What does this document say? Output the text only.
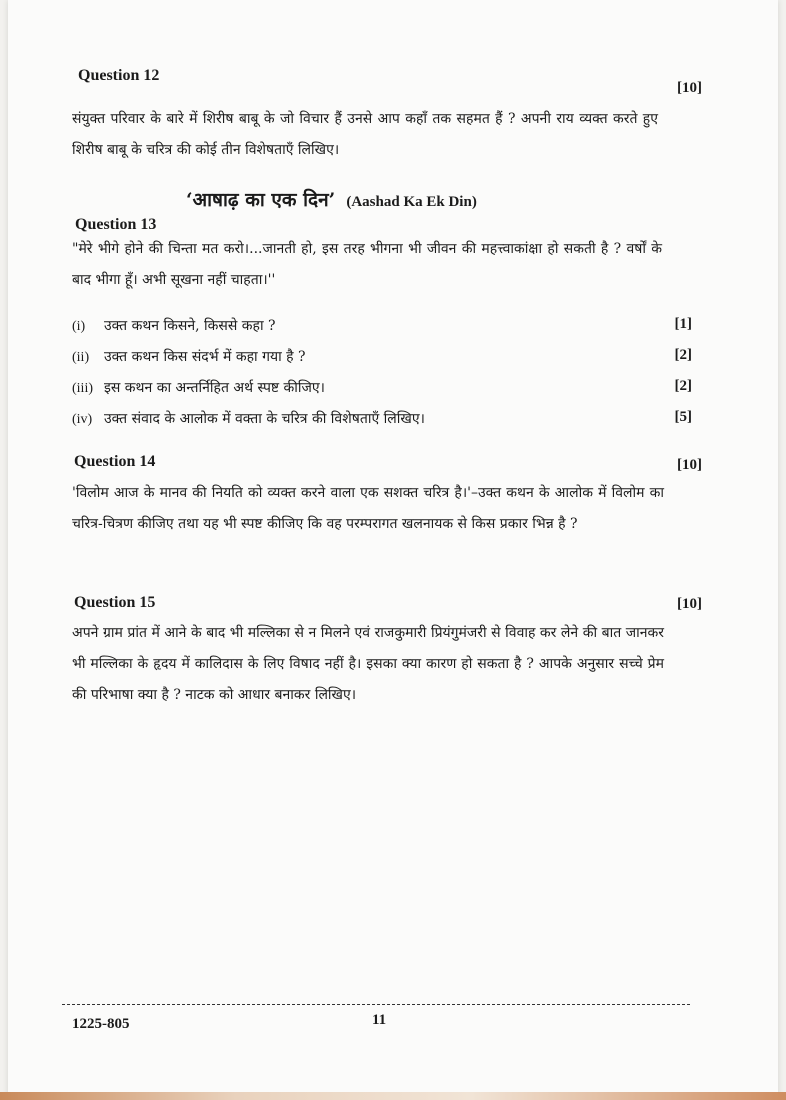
Question 12
[10]
संयुक्त परिवार के बारे में शिरीष बाबू के जो विचार हैं उनसे आप कहाँ तक सहमत हैं ? अपनी राय व्यक्त करते हुए शिरीष बाबू के चरित्र की कोई तीन विशेषताएँ लिखिए।
‘आषाढ़ का एक दिन’ (Aashad Ka Ek Din)
Question 13
"मेरे भीगे होने की चिन्ता मत करो।...जानती हो, इस तरह भीगना भी जीवन की महत्त्वाकांक्षा हो सकती है ? वर्षों के बाद भीगा हूँ। अभी सूखना नहीं चाहता।''
(i) उक्त कथन किसने, किससे कहा ?	[1]
(ii) उक्त कथन किस संदर्भ में कहा गया है ?	[2]
(iii) इस कथन का अन्तर्निहित अर्थ स्पष्ट कीजिए।	[2]
(iv) उक्त संवाद के आलोक में वक्ता के चरित्र की विशेषताएँ लिखिए।	[5]
Question 14	[10]
'विलोम आज के मानव की नियति को व्यक्त करने वाला एक सशक्त चरित्र है।'–उक्त कथन के आलोक में विलोम का चरित्र-चित्रण कीजिए तथा यह भी स्पष्ट कीजिए कि वह परम्परागत खलनायक से किस प्रकार भिन्न है ?
Question 15	[10]
अपने ग्राम प्रांत में आने के बाद भी मल्लिका से न मिलने एवं राजकुमारी प्रियंगुमंजरी से विवाह कर लेने की बात जानकर भी मल्लिका के हृदय में कालिदास के लिए विषाद नहीं है। इसका क्या कारण हो सकता है ? आपके अनुसार सच्चे प्रेम की परिभाषा क्या है ? नाटक को आधार बनाकर लिखिए।
1225-805	11
